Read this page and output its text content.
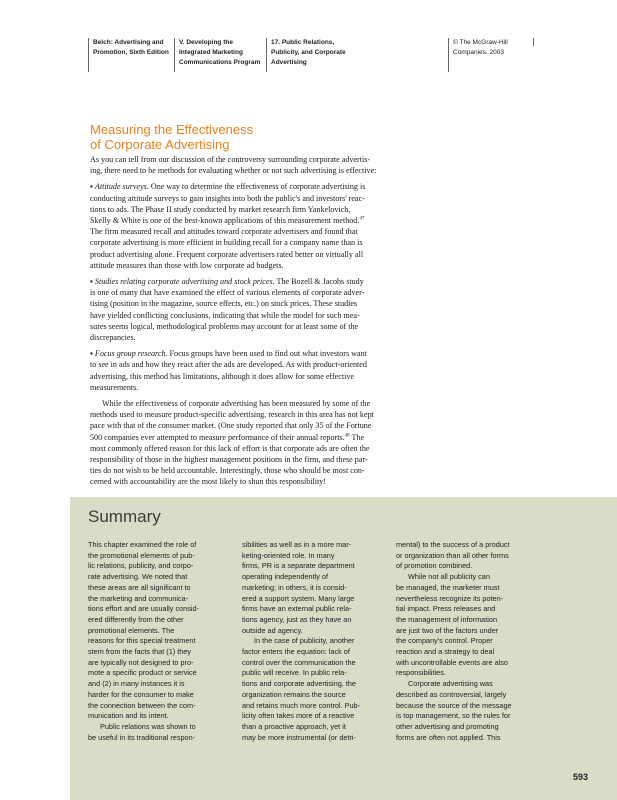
Belch: Advertising and
Promotion, Sixth Edition
V. Developing the
Integrated Marketing
Communications Program
17. Public Relations,
Publicity, and Corporate
Advertising
© The McGraw-Hill
Companies, 2003
Measuring the Effectiveness
of Corporate Advertising

As you can tell from our discussion of the controversy surrounding corporate advertis-
ing, there need to be methods for evaluating whether or not such advertising is effective:

▪ Attitude surveys. One way to determine the effectiveness of corporate advertising is
conducting attitude surveys to gain insights into both the public's and investors' reac-
tions to ads. The Phase II study conducted by market research firm Yankelovich,
Skelly & White is one of the best-known applications of this measurement method.$^{47}$
The firm measured recall and attitudes toward corporate advertisers and found that
corporate advertising is more efficient in building recall for a company name than is
product advertising alone. Frequent corporate advertisers rated better on virtually all
attitude measures than those with low corporate ad budgets.

▪ Studies relating corporate advertising and stock prices. The Bozell & Jacobs study
is one of many that have examined the effect of various elements of corporate adver-
tising (position in the magazine, source effects, etc.) on stock prices. These studies
have yielded conflicting conclusions, indicating that while the model for such mea-
sures seems logical, methodological problems may account for at least some of the
discrepancies.

▪ Focus group research. Focus groups have been used to find out what investors want
to see in ads and how they react after the ads are developed. As with product-oriented
advertising, this method has limitations, although it does allow for some effective
measurements.

While the effectiveness of corporate advertising has been measured by some of the
methods used to measure product-specific advertising, research in this area has not kept
pace with that of the consumer market. (One study reported that only 35 of the Fortune
500 companies ever attempted to measure performance of their annual reports.$^{48}$ The
most commonly offered reason for this lack of effort is that corporate ads are often the
responsibility of those in the highest management positions in the firm, and these par-
ties do not wish to be held accountable. Interestingly, those who should be most con-
cerned with accountability are the most likely to shun this responsibility!

Summary
This chapter examined the role of
the promotional elements of pub-
lic relations, publicity, and corpo-
rate advertising. We noted that
these areas are all significant to
the marketing and communica-
tions effort and are usually consid-
ered differently from the other
promotional elements. The
reasons for this special treatment
stem from the facts that (1) they
are typically not designed to pro-
mote a specific product or service
and (2) in many instances it is
harder for the consumer to make
the connection between the com-
munication and its intent.
Public relations was shown to
be useful in its traditional respon-
sibilities as well as in a more mar-
keting-oriented role. In many
firms, PR is a separate department
operating independently of
marketing; in others, it is consid-
ered a support system. Many large
firms have an external public rela-
tions agency, just as they have an
outside ad agency.
In the case of publicity, another
factor enters the equation: lack of
control over the communication the
public will receive. In public rela-
tions and corporate advertising, the
organization remains the source
and retains much more control. Pub-
licity often takes more of a reactive
than a proactive approach, yet it
may be more instrumental (or detri-
mental) to the success of a product
or organization than all other forms
of promotion combined.
While not all publicity can
be managed, the marketer must
nevertheless recognize its poten-
tial impact. Press releases and
the management of information
are just two of the factors under
the company's control. Proper
reaction and a strategy to deal
with uncontrollable events are also
responsibilities.
Corporate advertising was
described as controversial, largely
because the source of the message
is top management, so the rules for
other advertising and promoting
forms are often not applied. This
593
